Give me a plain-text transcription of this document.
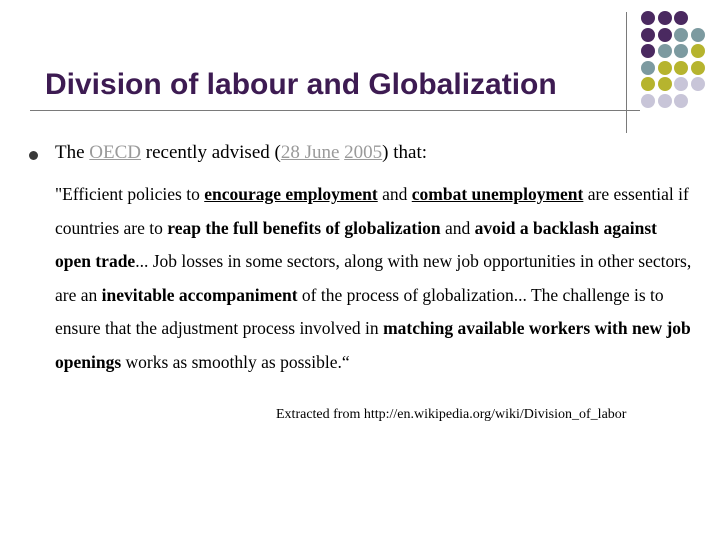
Division of labour and Globalization
The OECD recently advised (28 June 2005) that:
"Efficient policies to encourage employment and combat unemployment are essential if countries are to reap the full benefits of globalization and avoid a backlash against open trade... Job losses in some sectors, along with new job opportunities in other sectors, are an inevitable accompaniment of the process of globalization... The challenge is to ensure that the adjustment process involved in matching available workers with new job openings works as smoothly as possible.“
Extracted from http://en.wikipedia.org/wiki/Division_of_labor
